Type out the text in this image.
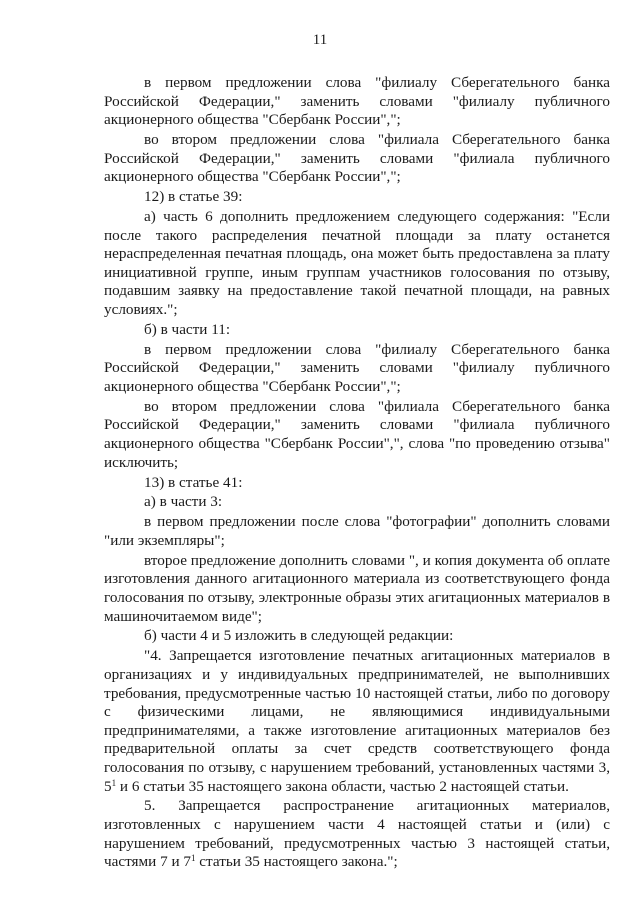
11

в первом предложении слова "филиалу Сберегательного банка Российской Федерации," заменить словами "филиалу публичного акционерного общества "Сбербанк России",";

во втором предложении слова "филиала Сберегательного банка Российской Федерации," заменить словами "филиала публичного акционерного общества "Сбербанк России",";

12) в статье 39:

а) часть 6 дополнить предложением следующего содержания: "Если после такого распределения печатной площади за плату останется нераспределенная печатная площадь, она может быть предоставлена за плату инициативной группе, иным группам участников голосования по отзыву, подавшим заявку на предоставление такой печатной площади, на равных условиях.";

б) в части 11:

в первом предложении слова "филиалу Сберегательного банка Российской Федерации," заменить словами "филиалу публичного акционерного общества "Сбербанк России",";

во втором предложении слова "филиала Сберегательного банка Российской Федерации," заменить словами "филиала публичного акционерного общества "Сбербанк России",", слова "по проведению отзыва" исключить;

13) в статье 41:

а) в части 3:

в первом предложении после слова "фотографии" дополнить словами "или экземпляры";

второе предложение дополнить словами ", и копия документа об оплате изготовления данного агитационного материала из соответствующего фонда голосования по отзыву, электронные образы этих агитационных материалов в машиночитаемом виде";

б) части 4 и 5 изложить в следующей редакции:

"4. Запрещается изготовление печатных агитационных материалов в организациях и у индивидуальных предпринимателей, не выполнивших требования, предусмотренные частью 10 настоящей статьи, либо по договору с физическими лицами, не являющимися индивидуальными предпринимателями, а также изготовление агитационных материалов без предварительной оплаты за счет средств соответствующего фонда голосования по отзыву, с нарушением требований, установленных частями 3, $5^1$ и 6 статьи 35 настоящего закона области, частью 2 настоящей статьи.

5. Запрещается распространение агитационных материалов, изготовленных с нарушением части 4 настоящей статьи и (или) с нарушением требований, предусмотренных частью 3 настоящей статьи, частями 7 и $7^1$ статьи 35 настоящего закона.";
